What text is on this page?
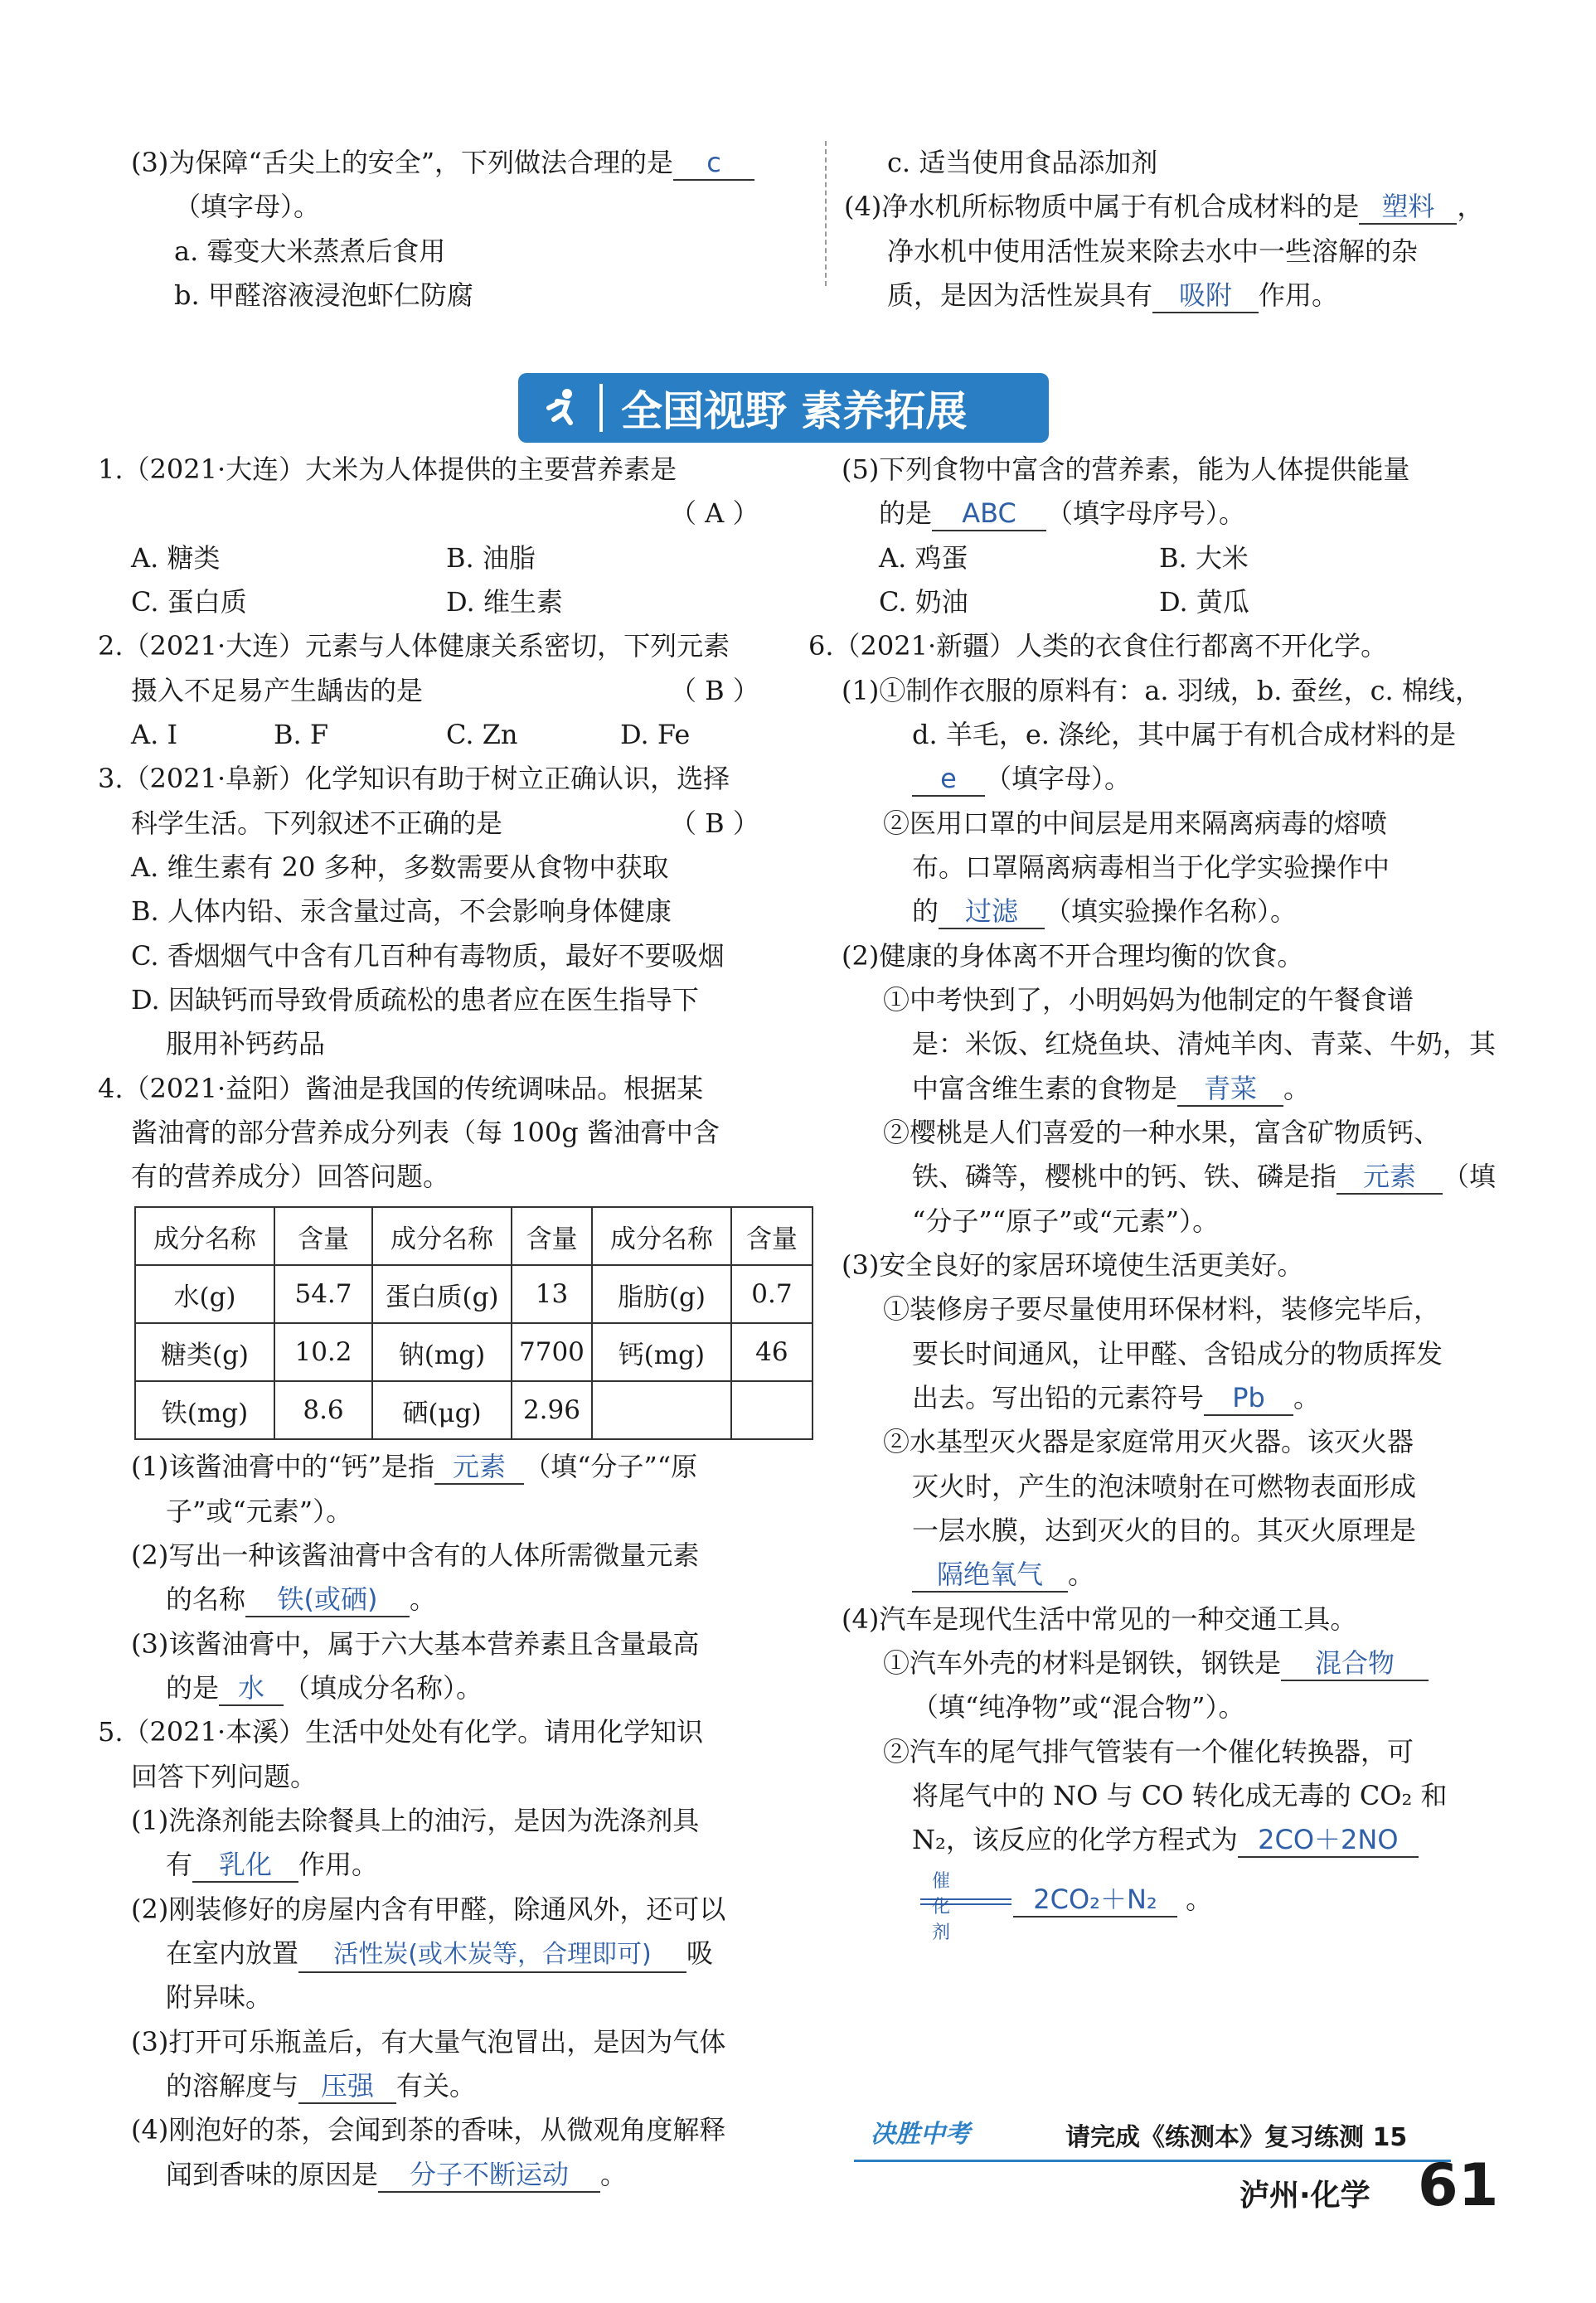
(3)为保障“舌尖上的安全”，下列做法合理的是 c
（填字母）。
a. 霉变大米蒸煮后食用
b. 甲醛溶液浸泡虾仁防腐
c. 适当使用食品添加剂
(4)净水机所标物质中属于有机合成材料的是 塑料 ，
净水机中使用活性炭来除去水中一些溶解的杂
质，是因为活性炭具有 吸附 作用。
全国视野 素养拓展
1.（2021·大连）大米为人体提供的主要营养素是
（ A ）
A. 糖类	B. 油脂
C. 蛋白质	D. 维生素
2.（2021·大连）元素与人体健康关系密切，下列元素
摄入不足易产生龋齿的是	（ B ）
A. I	B. F	C. Zn	D. Fe
3.（2021·阜新）化学知识有助于树立正确认识，选择
科学生活。下列叙述不正确的是	（ B ）
A. 维生素有 20 多种，多数需要从食物中获取
B. 人体内铅、汞含量过高，不会影响身体健康
C. 香烟烟气中含有几百种有毒物质，最好不要吸烟
D. 因缺钙而导致骨质疏松的患者应在医生指导下
服用补钙药品
4.（2021·益阳）酱油是我国的传统调味品。根据某
酱油膏的部分营养成分列表（每 100g 酱油膏中含
有的营养成分）回答问题。
成分名称	含量	成分名称	含量	成分名称	含量
水(g)	54.7	蛋白质(g)	13	脂肪(g)	0.7
糖类(g)	10.2	钠(mg)	7700	钙(mg)	46
铁(mg)	8.6	硒(μg)	2.96		
(1)该酱油膏中的“钙”是指 元素 （填“分子”“原
子”或“元素”）。
(2)写出一种该酱油膏中含有的人体所需微量元素
的名称 铁(或硒) 。
(3)该酱油膏中，属于六大基本营养素且含量最高
的是 水 （填成分名称）。
5.（2021·本溪）生活中处处有化学。请用化学知识
回答下列问题。
(1)洗涤剂能去除餐具上的油污，是因为洗涤剂具
有 乳化 作用。
(2)刚装修好的房屋内含有甲醛，除通风外，还可以
在室内放置 活性炭(或木炭等，合理即可) 吸
附异味。
(3)打开可乐瓶盖后，有大量气泡冒出，是因为气体
的溶解度与 压强 有关。
(4)刚泡好的茶，会闻到茶的香味，从微观角度解释
闻到香味的原因是 分子不断运动 。
(5)下列食物中富含的营养素，能为人体提供能量
的是 ABC （填字母序号）。
A. 鸡蛋	B. 大米
C. 奶油	D. 黄瓜
6.（2021·新疆）人类的衣食住行都离不开化学。
(1)①制作衣服的原料有：a. 羽绒，b. 蚕丝，c. 棉线，
d. 羊毛，e. 涤纶，其中属于有机合成材料的是
e （填字母）。
②医用口罩的中间层是用来隔离病毒的熔喷
布。口罩隔离病毒相当于化学实验操作中
的 过滤 （填实验操作名称）。
(2)健康的身体离不开合理均衡的饮食。
①中考快到了，小明妈妈为他制定的午餐食谱
是：米饭、红烧鱼块、清炖羊肉、青菜、牛奶，其
中富含维生素的食物是 青菜 。
②樱桃是人们喜爱的一种水果，富含矿物质钙、
铁、磷等，樱桃中的钙、铁、磷是指 元素 （填
“分子”“原子”或“元素”）。
(3)安全良好的家居环境使生活更美好。
①装修房子要尽量使用环保材料，装修完毕后，
要长时间通风，让甲醛、含铅成分的物质挥发
出去。写出铅的元素符号 Pb 。
②水基型灭火器是家庭常用灭火器。该灭火器
灭火时，产生的泡沫喷射在可燃物表面形成
一层水膜，达到灭火的目的。其灭火原理是
隔绝氧气 。
(4)汽车是现代生活中常见的一种交通工具。
①汽车外壳的材料是钢铁，钢铁是 混合物
（填“纯净物”或“混合物”）。
②汽车的尾气排气管装有一个催化转换器，可
将尾气中的 NO 与 CO 转化成无毒的 CO₂ 和
N₂，该反应的化学方程式为 2CO＋2NO
催化剂
2CO₂＋N₂ 。
决胜中考	请完成《练测本》复习练测 15
泸州·化学 61
